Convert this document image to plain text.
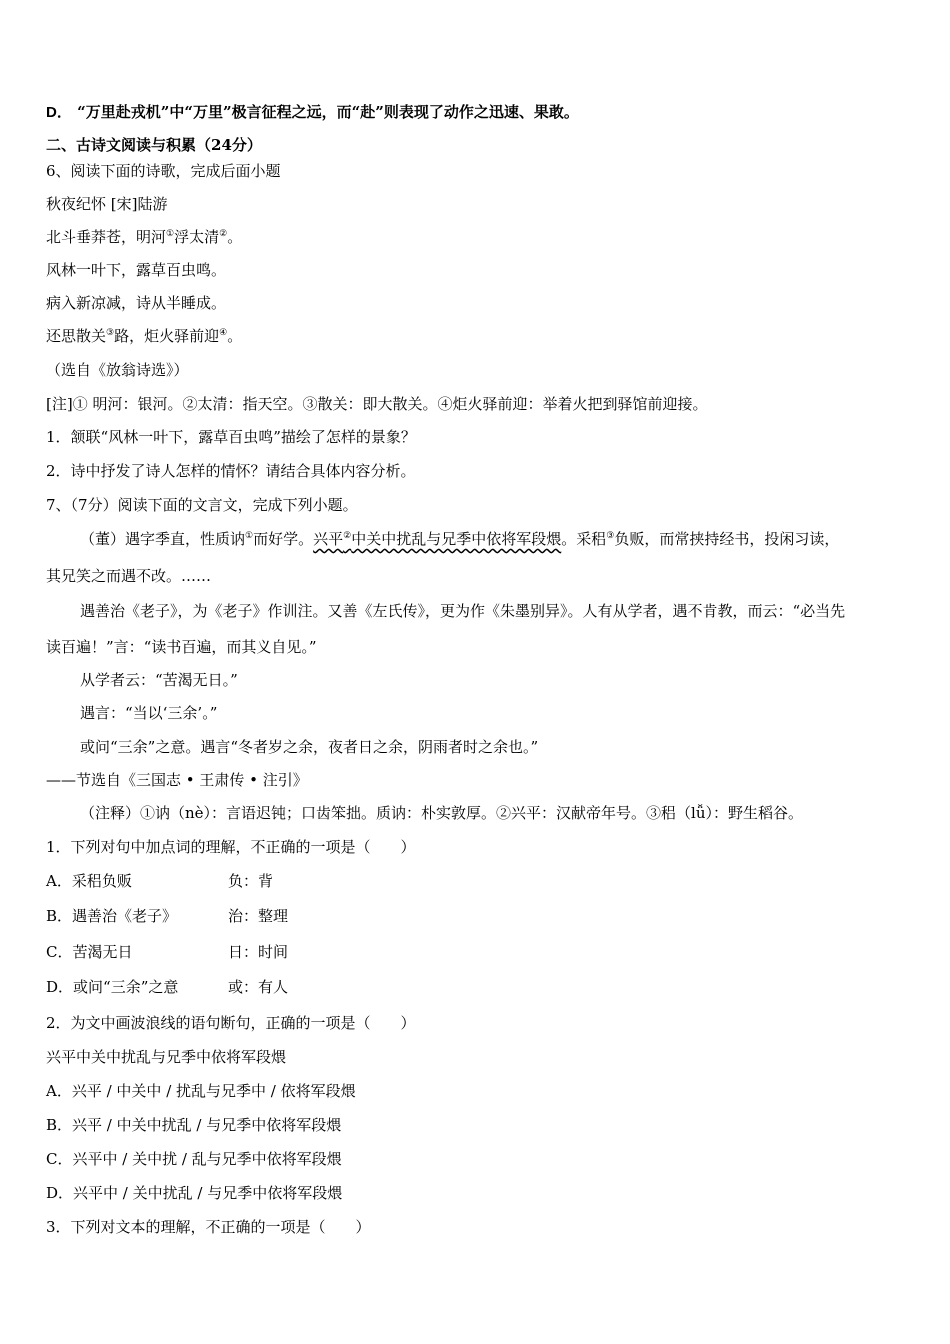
D． “万里赴戎机”中“万里”极言征程之远，而“赴”则表现了动作之迅速、果敢。
二、古诗文阅读与积累（24分）
6、阅读下面的诗歌，完成后面小题
秋夜纪怀 [宋]陆游
北斗垂莽苍，明河①浮太清②。
风林一叶下，露草百虫鸣。
病入新凉减，诗从半睡成。
还思散关③路，炬火驿前迎④。
（选自《放翁诗选》）
[注]① 明河：银河。②太清：指天空。③散关：即大散关。④炬火驿前迎：举着火把到驿馆前迎接。
1．颔联“风林一叶下，露草百虫鸣”描绘了怎样的景象？
2．诗中抒发了诗人怎样的情怀？请结合具体内容分析。
7、（7分）阅读下面的文言文，完成下列小题。
（董）遇字季直，性质讷①而好学。兴平②中关中扰乱与兄季中依将军段煨。采稆③负贩，而常挟持经书，投闲习读，
其兄笑之而遇不改。……
遇善治《老子》，为《老子》作训注。又善《左氏传》，更为作《朱墨别异》。人有从学者，遇不肯教，而云：“必当先
读百遍！”言：“读书百遍，而其义自见。”
从学者云：“苦渴无日。”
遇言：“当以‘三余’。”
或问“三余”之意。遇言“冬者岁之余，夜者日之余，阴雨者时之余也。”
——节选自《三国志 • 王肃传 • 注引》
（注释）①讷（nè）：言语迟钝；口齿笨拙。质讷：朴实敦厚。②兴平：汉献帝年号。③稆（lǚ）：野生稻谷。
1．下列对句中加点词的理解，不正确的一项是（　　）
A．采稆负贩	负：背
B．遇善治《老子》	治：整理
C．苦渴无日	日：时间
D．或问“三余”之意	或：有人
2．为文中画波浪线的语句断句，正确的一项是（　　）
兴平中关中扰乱与兄季中依将军段煨
A．兴平 / 中关中 / 扰乱与兄季中 / 依将军段煨
B．兴平 / 中关中扰乱 / 与兄季中依将军段煨
C．兴平中 / 关中扰 / 乱与兄季中依将军段煨
D．兴平中 / 关中扰乱 / 与兄季中依将军段煨
3．下列对文本的理解，不正确的一项是（　　）
